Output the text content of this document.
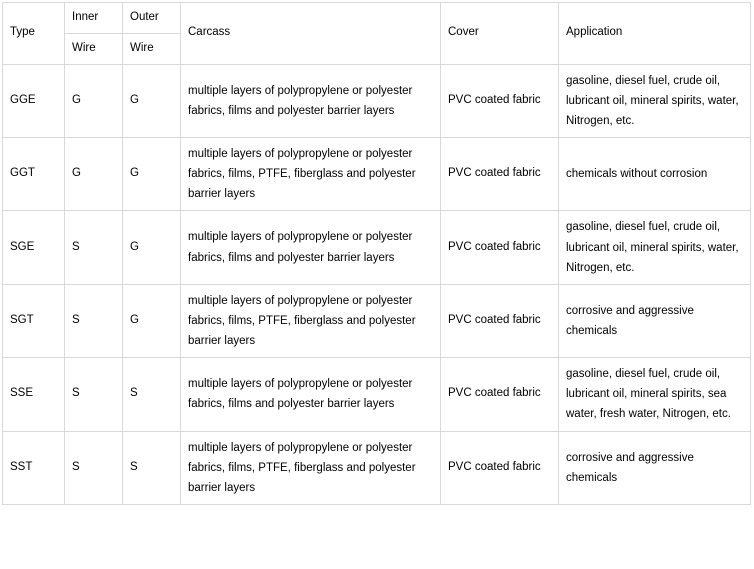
Type	Inner	Outer	Carcass	Cover	Application
	Wire	Wire			
GGE	G	G	multiple layers of polypropylene or polyester fabrics, films and polyester barrier layers	PVC coated fabric	gasoline, diesel fuel, crude oil, lubricant oil, mineral spirits, water, Nitrogen, etc.
GGT	G	G	multiple layers of polypropylene or polyester fabrics, films, PTFE, fiberglass and polyester barrier layers	PVC coated fabric	chemicals without corrosion
SGE	S	G	multiple layers of polypropylene or polyester fabrics, films and polyester barrier layers	PVC coated fabric	gasoline, diesel fuel, crude oil, lubricant oil, mineral spirits, water, Nitrogen, etc.
SGT	S	G	multiple layers of polypropylene or polyester fabrics, films, PTFE, fiberglass and polyester barrier layers	PVC coated fabric	corrosive and aggressive chemicals
SSE	S	S	multiple layers of polypropylene or polyester fabrics, films and polyester barrier layers	PVC coated fabric	gasoline, diesel fuel, crude oil, lubricant oil, mineral spirits, sea water, fresh water, Nitrogen, etc.
SST	S	S	multiple layers of polypropylene or polyester fabrics, films, PTFE, fiberglass and polyester barrier layers	PVC coated fabric	corrosive and aggressive chemicals
